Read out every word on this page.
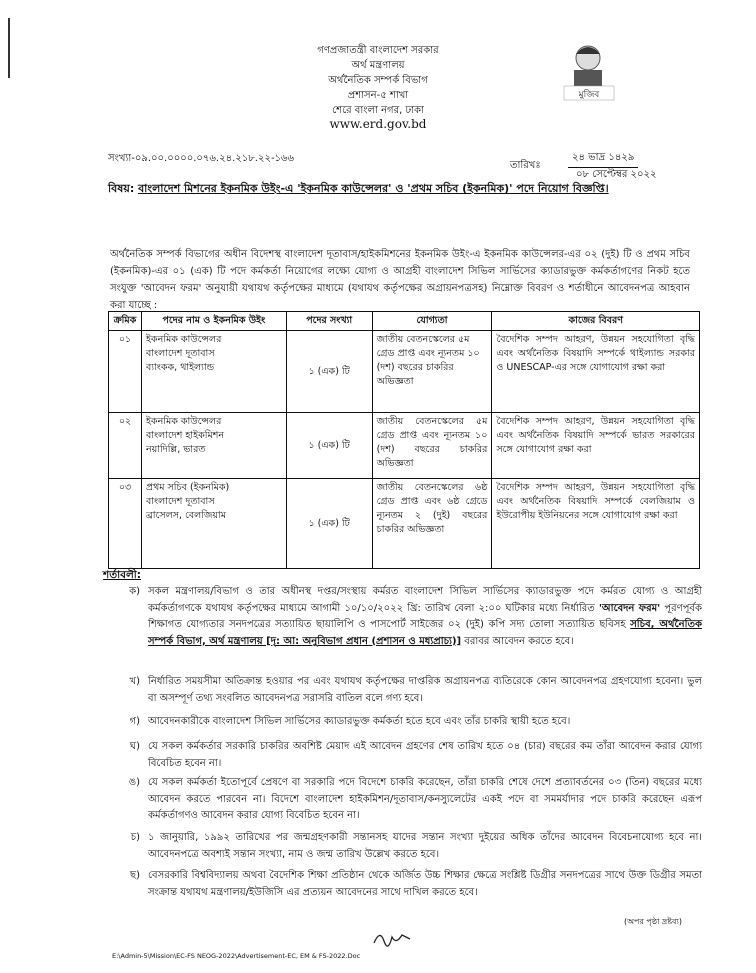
গণপ্রজাতন্ত্রী বাংলাদেশ সরকার
অর্থ মন্ত্রণালয়
অর্থনৈতিক সম্পর্ক বিভাগ
প্রশাসন-৫ শাখা
শেরে বাংলা নগর, ঢাকা
www.erd.gov.bd
মুজিব
সংখ্যা-০৯.০০.০০০০.০৭৬.২৪.২১৮.২২-১৬৬
তারিখঃ
২৪ ভাদ্র ১৪২৯
০৮ সেপ্টেম্বর ২০২২
বিষয়: বাংলাদেশ মিশনের ইকনমিক উইং-এ 'ইকনমিক কাউন্সেলর' ও 'প্রথম সচিব (ইকনমিক)' পদে নিয়োগ বিজ্ঞপ্তি।
অর্থনৈতিক সম্পর্ক বিভাগের অধীন বিদেশস্থ বাংলাদেশ দূতাবাস/হাইকমিশনের ইকনমিক উইং-এ ইকনমিক কাউন্সেলর-এর ০২ (দুই) টি ও প্রথম সচিব (ইকনমিক)-এর ০১ (এক) টি পদে কর্মকর্তা নিয়োগের লক্ষ্যে যোগ্য ও আগ্রহী বাংলাদেশ সিভিল সার্ভিসের ক্যাডারভুক্ত কর্মকর্তাগণের নিকট হতে সংযুক্ত 'আবেদন ফরম' অনুযায়ী যথাযথ কর্তৃপক্ষের মাধ্যমে (যথাযথ কর্তৃপক্ষের অগ্রায়নপত্রসহ) নিম্নোক্ত বিবরণ ও শর্তাধীনে আবেদনপত্র আহবান করা যাচ্ছে :
ক্রমিক	পদের নাম ও ইকনমিক উইং	পদের সংখ্যা	যোগ্যতা	কাজের বিবরণ
০১	ইকনমিক কাউন্সেলর
বাংলাদেশ দূতাবাস
ব্যাংকক, থাইল্যান্ড	১ (এক) টি	জাতীয় বেতনস্কেলের ৫ম গ্রেড প্রাপ্ত এবং ন্যূনতম ১০ (দশ) বছরের চাকরির অভিজ্ঞতা	বৈদেশিক সম্পদ আহরণ, উন্নয়ন সহযোগিতা বৃদ্ধি এবং অর্থনৈতিক বিষয়াদি সম্পর্কে থাইল্যান্ড সরকার ও UNESCAP-এর সঙ্গে যোগাযোগ রক্ষা করা
০২	ইকনমিক কাউন্সেলর
বাংলাদেশ হাইকমিশন
নয়াদিল্লি, ভারত	১ (এক) টি	জাতীয় বেতনস্কেলের ৫ম গ্রেড প্রাপ্ত এবং ন্যূনতম ১০ (দশ) বছরের চাকরির অভিজ্ঞতা	বৈদেশিক সম্পদ আহরণ, উন্নয়ন সহযোগিতা বৃদ্ধি এবং অর্থনৈতিক বিষয়াদি সম্পর্কে ভারত সরকারের সঙ্গে যোগাযোগ রক্ষা করা
০৩	প্রথম সচিব (ইকনমিক)
বাংলাদেশ দূতাবাস
ব্রাসেলস, বেলজিয়াম	১ (এক) টি	জাতীয় বেতনস্কেলের ৬ষ্ঠ গ্রেড প্রাপ্ত এবং ৬ষ্ঠ গ্রেডে ন্যূনতম ২ (দুই) বছরের চাকরির অভিজ্ঞতা	বৈদেশিক সম্পদ আহরণ, উন্নয়ন সহযোগিতা বৃদ্ধি এবং অর্থনৈতিক বিষয়াদি সম্পর্কে বেলজিয়াম ও ইউরোপীয় ইউনিয়নের সঙ্গে যোগাযোগ রক্ষা করা
শর্তাবলী:
ক) সকল মন্ত্রণালয়/বিভাগ ও তার অধীনস্থ দপ্তর/সংস্থায় কর্মরত বাংলাদেশ সিভিল সার্ভিসের ক্যাডারভুক্ত পদে কর্মরত যোগ্য ও আগ্রহী কর্মকর্তাগণকে যথাযথ কর্তৃপক্ষের মাধ্যমে আগামী ১০/১০/২০২২ খ্রি: তারিখ বেলা ২:০০ ঘটিকার মধ্যে নির্ধারিত 'আবেদন ফরম' পূরণপূর্বক শিক্ষাগত যোগ্যতার সনদপত্রের সত্যায়িত ছায়ালিপি ও পাসপোর্ট সাইজের ০২ (দুই) কপি সদ্য তোলা সত্যায়িত ছবিসহ সচিব, অর্থনৈতিক সম্পর্ক বিভাগ, অর্থ মন্ত্রণালয় [দৃ: আ: অনুবিভাগ প্রধান (প্রশাসন ও মধ্যপ্রাচ্য)] বরাবর আবেদন করতে হবে।
খ) নির্ধারিত সময়সীমা অতিক্রান্ত হওয়ার পর এবং যথাযথ কর্তৃপক্ষের দাপ্তরিক অগ্রায়নপত্র ব্যতিরেকে কোন আবেদনপত্র গ্রহণযোগ্য হবেনা। ভুল বা অসম্পূর্ণ তথ্য সংবলিত আবেদনপত্র সরাসরি বাতিল বলে গণ্য হবে।
গ) আবেদনকারীকে বাংলাদেশ সিভিল সার্ভিসের ক্যাডারভুক্ত কর্মকর্তা হতে হবে এবং তাঁর চাকরি স্থায়ী হতে হবে।
ঘ) যে সকল কর্মকর্তার সরকারি চাকরির অবশিষ্ট মেয়াদ এই আবেদন গ্রহণের শেষ তারিখ হতে ০৪ (চার) বছরের কম তাঁরা আবেদন করার যোগ্য বিবেচিত হবেন না।
ঙ) যে সকল কর্মকর্তা ইতোপূর্বে প্রেষণে বা সরকারি পদে বিদেশে চাকরি করেছেন, তাঁরা চাকরি শেষে দেশে প্রত্যাবর্তনের ০৩ (তিন) বছরের মধ্যে আবেদন করতে পারবেন না। বিদেশে বাংলাদেশ হাইকমিশন/দূতাবাস/কনস্যুলেটের একই পদে বা সমমর্যাদার পদে চাকরি করেছেন এরূপ কর্মকর্তাগণও আবেদন করার যোগ্য বিবেচিত হবেন না।
চ) ১ জানুয়ারি, ১৯৯২ তারিখের পর জন্মগ্রহণকারী সন্তানসহ যাদের সন্তান সংখ্যা দুইয়ের অধিক তাঁদের আবেদন বিবেচনাযোগ্য হবে না। আবেদনপত্রে অবশ্যই সন্তান সংখ্যা, নাম ও জন্ম তারিখ উল্লেখ করতে হবে।
ছ) বেসরকারি বিশ্ববিদ্যালয় অথবা বৈদেশিক শিক্ষা প্রতিষ্ঠান থেকে অর্জিত উচ্চ শিক্ষার ক্ষেত্রে সংশ্লিষ্ট ডিগ্রীর সনদপত্রের সাথে উক্ত ডিগ্রীর সমতা সংক্রান্ত যথাযথ মন্ত্রণালয়/ইউজিসি এর প্রত্যয়ন আবেদনের সাথে দাখিল করতে হবে।
(অপর পৃষ্ঠা দ্রষ্টব্য)
E:\Admin-5\Mission\EC-FS NEOG-2022\Advertisement-EC, EM & FS-2022.Doc
